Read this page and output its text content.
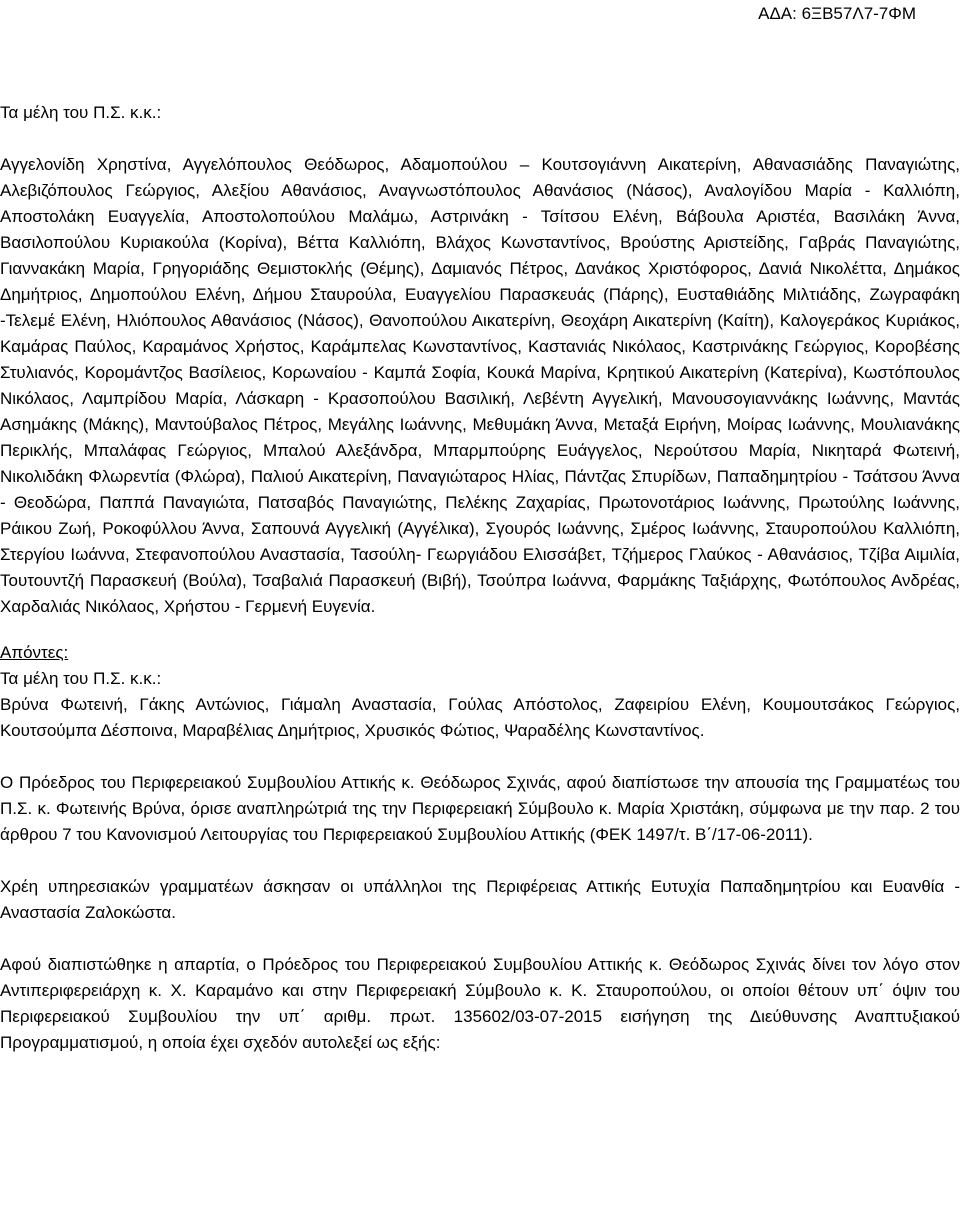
ΑΔΑ: 6ΞΒ57Λ7-7ΦΜ

Τα μέλη του Π.Σ. κ.κ.:

Αγγελονίδη Χρηστίνα, Αγγελόπουλος Θεόδωρος, Αδαμοπούλου – Κουτσογιάννη Αικατερίνη, Αθανασιάδης Παναγιώτης, Αλεβιζόπουλος Γεώργιος, Αλεξίου Αθανάσιος, Αναγνωστόπουλος Αθανάσιος (Νάσος), Αναλογίδου Μαρία - Καλλιόπη, Αποστολάκη Ευαγγελία, Αποστολοπούλου Μαλάμω, Αστρινάκη - Τσίτσου Ελένη, Βάβουλα Αριστέα, Βασιλάκη Άννα, Βασιλοπούλου Κυριακούλα (Κορίνα), Βέττα Καλλιόπη, Βλάχος Κωνσταντίνος, Βρούστης Αριστείδης, Γαβράς Παναγιώτης, Γιαννακάκη Μαρία, Γρηγοριάδης Θεμιστοκλής (Θέμης), Δαμιανός Πέτρος, Δανάκος Χριστόφορος, Δανιά Νικολέττα, Δημάκος Δημήτριος, Δημοπούλου Ελένη, Δήμου Σταυρούλα, Ευαγγελίου Παρασκευάς (Πάρης), Ευσταθιάδης Μιλτιάδης, Ζωγραφάκη -Τελεμέ Ελένη, Ηλιόπουλος Αθανάσιος (Νάσος), Θανοπούλου Αικατερίνη, Θεοχάρη Αικατερίνη (Καίτη), Καλογεράκος Κυριάκος, Καμάρας Παύλος, Καραμάνος Χρήστος, Καράμπελας Κωνσταντίνος, Καστανιάς Νικόλαος, Καστρινάκης Γεώργιος, Κοροβέσης Στυλιανός, Κορομάντζος Βασίλειος, Κορωναίου - Καμπά Σοφία, Κουκά Μαρίνα, Κρητικού Αικατερίνη (Κατερίνα), Κωστόπουλος Νικόλαος, Λαμπρίδου Μαρία, Λάσκαρη - Κρασοπούλου Βασιλική, Λεβέντη Αγγελική, Μανουσογιαννάκης Ιωάννης, Μαντάς Ασημάκης (Μάκης), Μαντούβαλος Πέτρος, Μεγάλης Ιωάννης, Μεθυμάκη Άννα, Μεταξά Ειρήνη, Μοίρας Ιωάννης, Μουλιανάκης Περικλής, Μπαλάφας Γεώργιος, Μπαλού Αλεξάνδρα, Μπαρμπούρης Ευάγγελος, Νερούτσου Μαρία, Νικηταρά Φωτεινή, Νικολιδάκη Φλωρεντία (Φλώρα), Παλιού Αικατερίνη, Παναγιώταρος Ηλίας, Πάντζας Σπυρίδων, Παπαδημητρίου - Τσάτσου Άννα - Θεοδώρα, Παππά Παναγιώτα, Πατσαβός Παναγιώτης, Πελέκης Ζαχαρίας, Πρωτονοτάριος Ιωάννης, Πρωτούλης Ιωάννης, Ράικου Ζωή, Ροκοφύλλου Άννα, Σαπουνά Αγγελική (Αγγέλικα), Σγουρός Ιωάννης, Σμέρος Ιωάννης, Σταυροπούλου Καλλιόπη, Στεργίου Ιωάννα, Στεφανοπούλου Αναστασία, Τασούλη- Γεωργιάδου Ελισσάβετ, Τζήμερος Γλαύκος - Αθανάσιος, Τζίβα Αιμιλία, Τουτουντζή Παρασκευή (Βούλα), Τσαβαλιά Παρασκευή (Βιβή), Τσούπρα Ιωάννα, Φαρμάκης Ταξιάρχης, Φωτόπουλος Ανδρέας, Χαρδαλιάς Νικόλαος, Χρήστου - Γερμενή Ευγενία.

Απόντες:

Τα μέλη του Π.Σ. κ.κ.:

Βρύνα Φωτεινή, Γάκης Αντώνιος, Γιάμαλη Αναστασία, Γούλας Απόστολος, Ζαφειρίου Ελένη, Κουμουτσάκος Γεώργιος, Κουτσούμπα Δέσποινα, Μαραβέλιας Δημήτριος, Χρυσικός Φώτιος, Ψαραδέλης Κωνσταντίνος.

Ο Πρόεδρος του Περιφερειακού Συμβουλίου Αττικής κ. Θεόδωρος Σχινάς, αφού διαπίστωσε την απουσία της Γραμματέως του Π.Σ. κ. Φωτεινής Βρύνα, όρισε αναπληρώτριά της την Περιφερειακή Σύμβουλο κ. Μαρία Χριστάκη, σύμφωνα με την παρ. 2 του άρθρου 7 του Κανονισμού Λειτουργίας του Περιφερειακού Συμβουλίου Αττικής (ΦΕΚ 1497/τ. Β΄/17-06-2011).

Χρέη υπηρεσιακών γραμματέων άσκησαν οι υπάλληλοι της Περιφέρειας Αττικής Ευτυχία Παπαδημητρίου και Ευανθία - Αναστασία Ζαλοκώστα.

Αφού διαπιστώθηκε η απαρτία, ο Πρόεδρος του Περιφερειακού Συμβουλίου Αττικής κ. Θεόδωρος Σχινάς δίνει τον λόγο στον Αντιπεριφερειάρχη κ. Χ. Καραμάνο και στην Περιφερειακή Σύμβουλο κ. Κ. Σταυροπούλου, οι οποίοι θέτουν υπ΄ όψιν του Περιφερειακού Συμβουλίου την υπ΄ αριθμ. πρωτ. 135602/03-07-2015 εισήγηση της Διεύθυνσης Αναπτυξιακού Προγραμματισμού, η οποία έχει σχεδόν αυτολεξεί ως εξής:
